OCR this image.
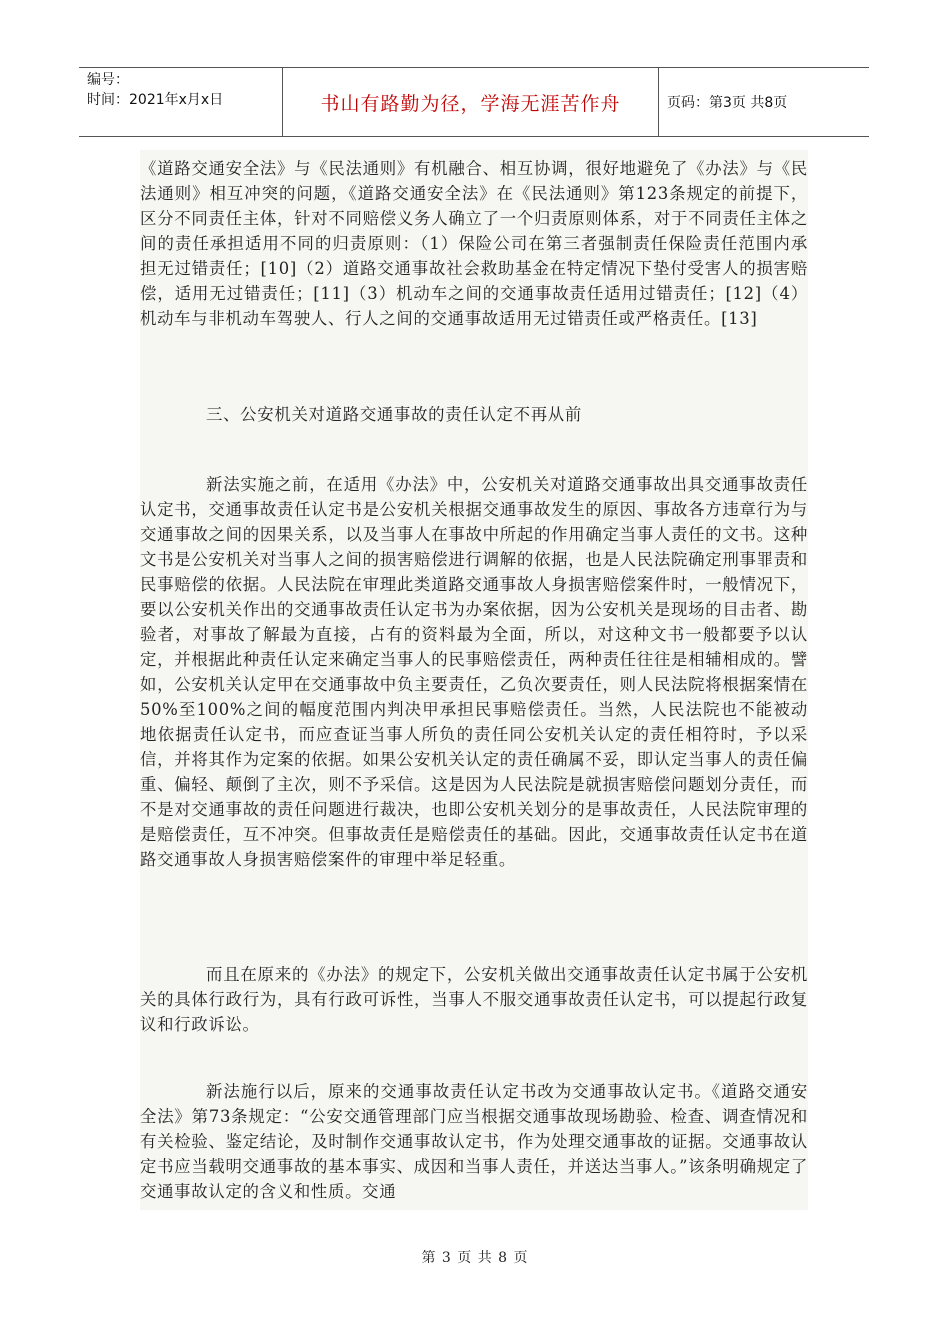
编号：
时间：2021年x月x日	书山有路勤为径，学海无涯苦作舟	页码：第3页 共8页

《道路交通安全法》与《民法通则》有机融合、相互协调，很好地避免了《办法》与《民法通则》相互冲突的问题，《道路交通安全法》在《民法通则》第123条规定的前提下，区分不同责任主体，针对不同赔偿义务人确立了一个归责原则体系，对于不同责任主体之间的责任承担适用不同的归责原则：（1）保险公司在第三者强制责任保险责任范围内承担无过错责任；[10]（2）道路交通事故社会救助基金在特定情况下垫付受害人的损害赔偿，适用无过错责任；[11]（3）机动车之间的交通事故责任适用过错责任；[12]（4）机动车与非机动车驾驶人、行人之间的交通事故适用无过错责任或严格责任。[13]

三、公安机关对道路交通事故的责任认定不再从前

新法实施之前，在适用《办法》中，公安机关对道路交通事故出具交通事故责任认定书，交通事故责任认定书是公安机关根据交通事故发生的原因、事故各方违章行为与交通事故之间的因果关系，以及当事人在事故中所起的作用确定当事人责任的文书。这种文书是公安机关对当事人之间的损害赔偿进行调解的依据，也是人民法院确定刑事罪责和民事赔偿的依据。人民法院在审理此类道路交通事故人身损害赔偿案件时，一般情况下，要以公安机关作出的交通事故责任认定书为办案依据，因为公安机关是现场的目击者、勘验者，对事故了解最为直接，占有的资料最为全面，所以，对这种文书一般都要予以认定，并根据此种责任认定来确定当事人的民事赔偿责任，两种责任往往是相辅相成的。譬如，公安机关认定甲在交通事故中负主要责任，乙负次要责任，则人民法院将根据案情在50%至100%之间的幅度范围内判决甲承担民事赔偿责任。当然，人民法院也不能被动地依据责任认定书，而应查证当事人所负的责任同公安机关认定的责任相符时，予以采信，并将其作为定案的依据。如果公安机关认定的责任确属不妥，即认定当事人的责任偏重、偏轻、颠倒了主次，则不予采信。这是因为人民法院是就损害赔偿问题划分责任，而不是对交通事故的责任问题进行裁决，也即公安机关划分的是事故责任，人民法院审理的是赔偿责任，互不冲突。但事故责任是赔偿责任的基础。因此，交通事故责任认定书在道路交通事故人身损害赔偿案件的审理中举足轻重。

而且在原来的《办法》的规定下，公安机关做出交通事故责任认定书属于公安机关的具体行政行为，具有行政可诉性，当事人不服交通事故责任认定书，可以提起行政复议和行政诉讼。

新法施行以后，原来的交通事故责任认定书改为交通事故认定书。《道路交通安全法》第73条规定：“公安交通管理部门应当根据交通事故现场勘验、检查、调查情况和有关检验、鉴定结论，及时制作交通事故认定书，作为处理交通事故的证据。交通事故认定书应当载明交通事故的基本事实、成因和当事人责任，并送达当事人。”该条明确规定了交通事故认定的含义和性质。交通

第 3 页 共 8 页
